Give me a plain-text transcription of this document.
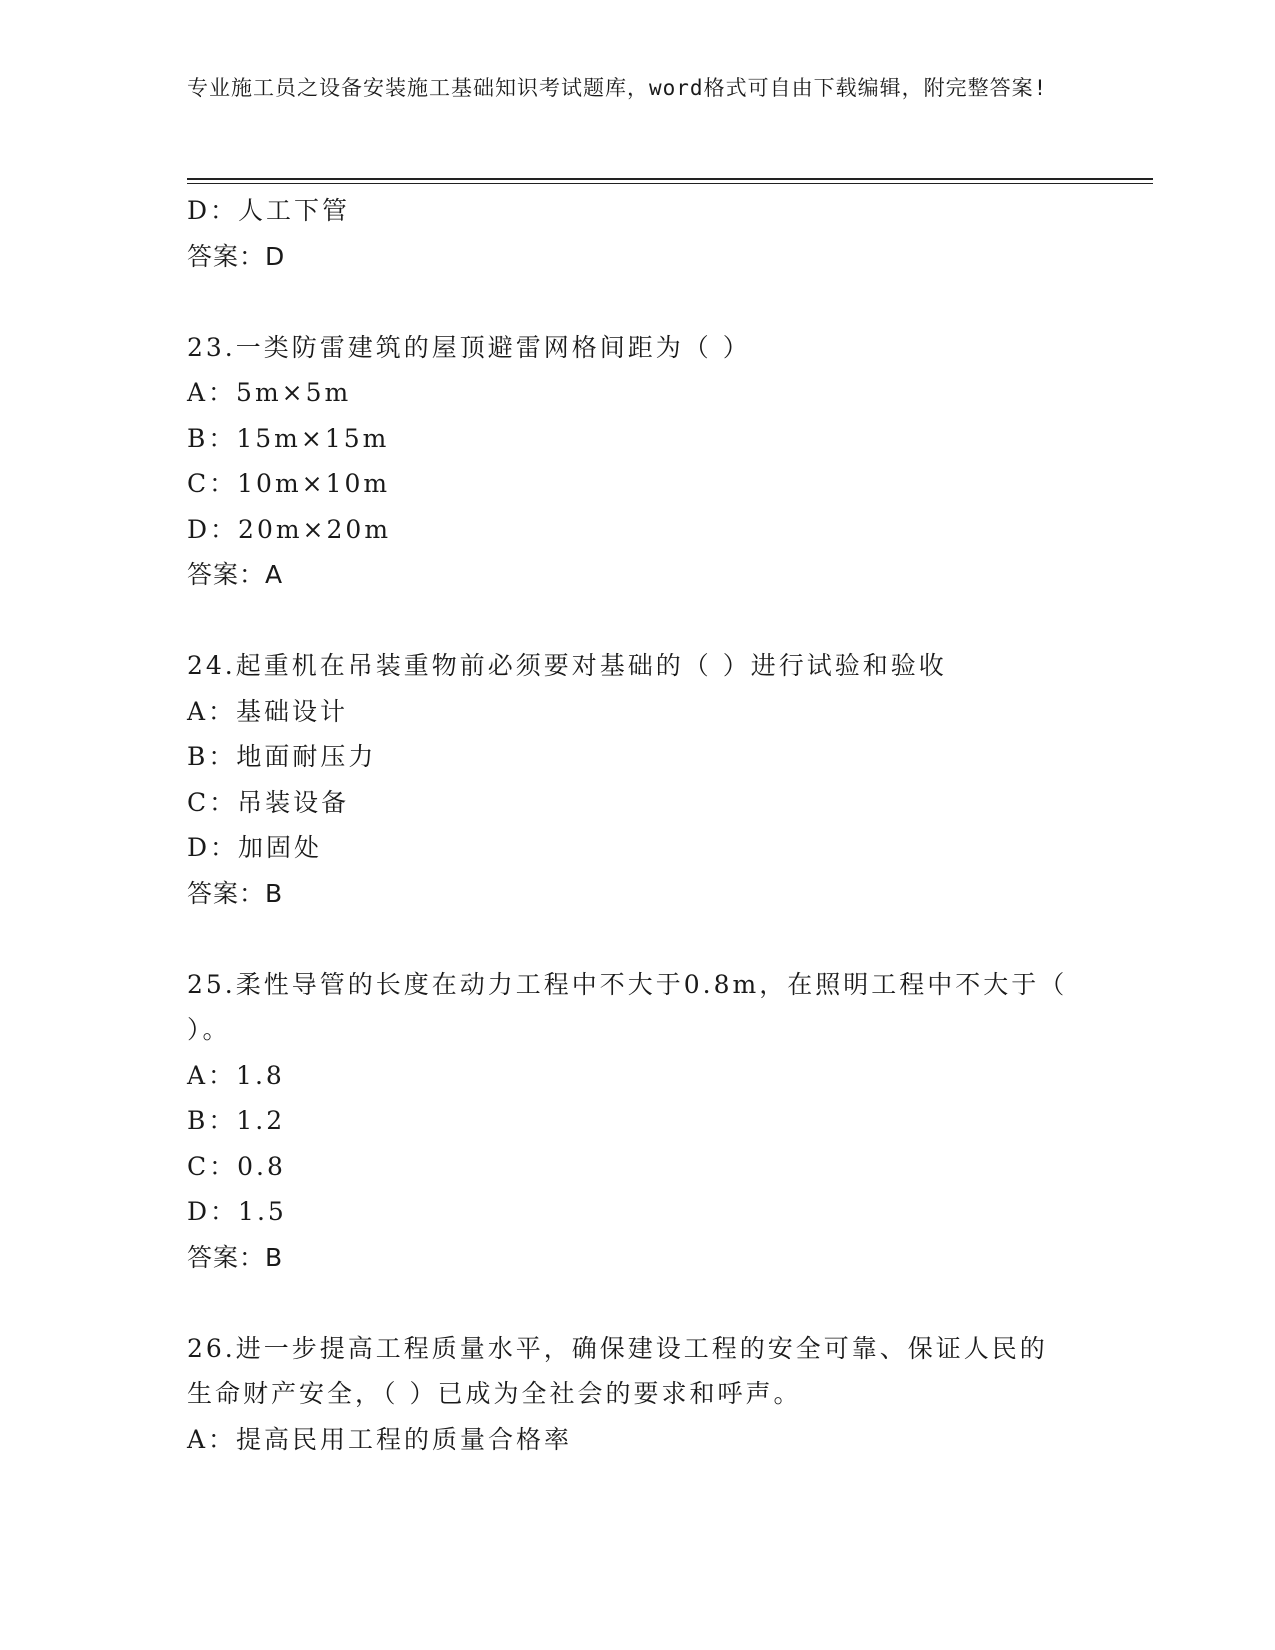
专业施工员之设备安装施工基础知识考试题库，word格式可自由下载编辑，附完整答案!
D：人工下管
答案：D
23.一类防雷建筑的屋顶避雷网格间距为（ ）
A：5m×5m
B：15m×15m
C：10m×10m
D：20m×20m
答案：A
24.起重机在吊装重物前必须要对基础的（ ）进行试验和验收
A：基础设计
B：地面耐压力
C：吊装设备
D：加固处
答案：B
25.柔性导管的长度在动力工程中不大于0.8m，在照明工程中不大于（
）。
A：1.8
B：1.2
C：0.8
D：1.5
答案：B
26.进一步提高工程质量水平，确保建设工程的安全可靠、保证人民的
生命财产安全，（ ）已成为全社会的要求和呼声。
A：提高民用工程的质量合格率
